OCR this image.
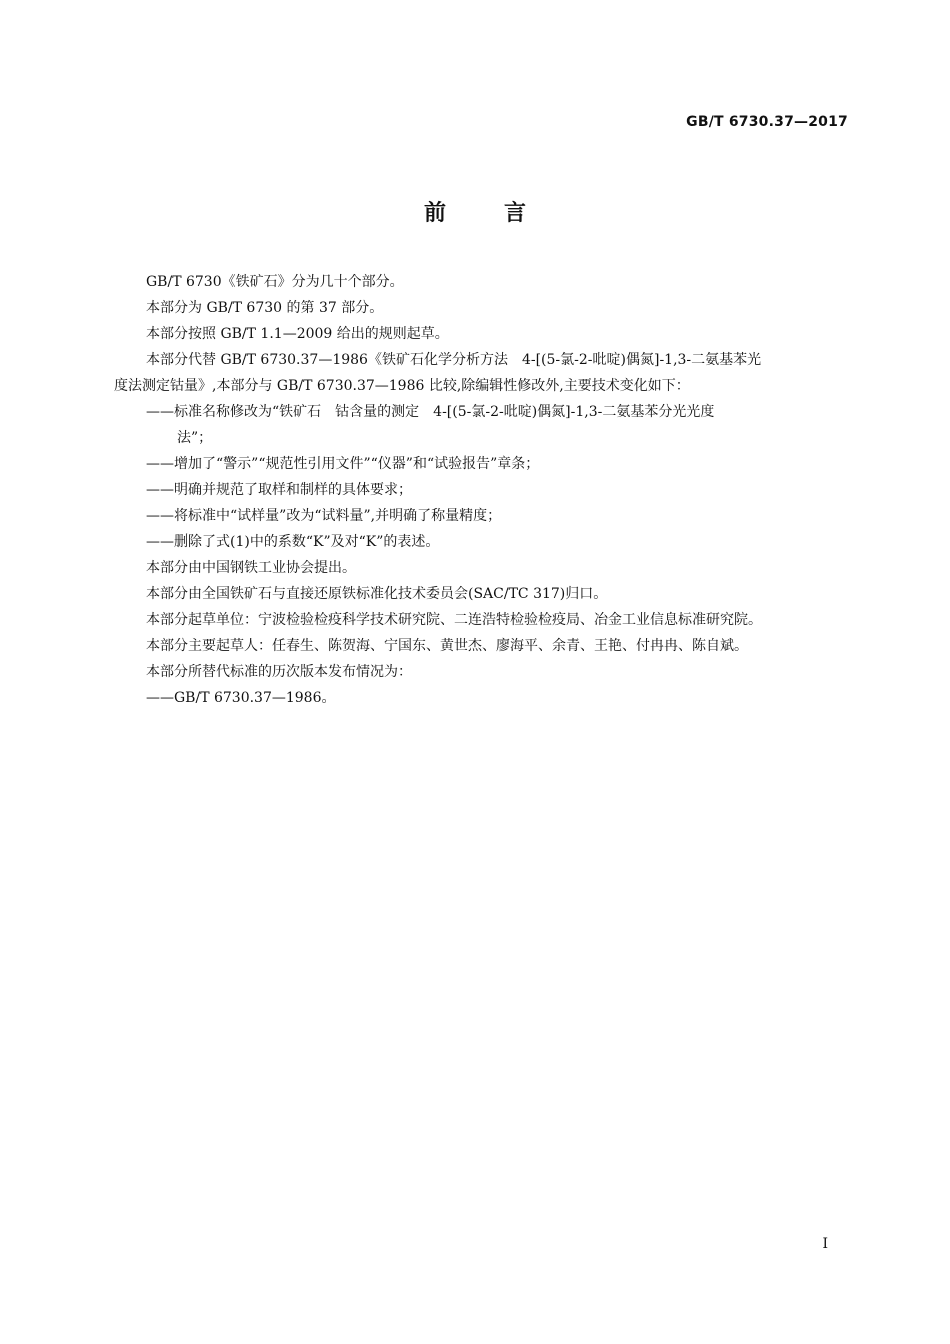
GB/T 6730.37—2017
前言

GB/T 6730《铁矿石》分为几十个部分。

本部分为 GB/T 6730 的第 37 部分。

本部分按照 GB/T 1.1—2009 给出的规则起草。

本部分代替 GB/T 6730.37—1986《铁矿石化学分析方法　4-[(5-氯-2-吡啶)偶氮]-1,3-二氨基苯光
度法测定钴量》,本部分与 GB/T 6730.37—1986 比较,除编辑性修改外,主要技术变化如下：

——标准名称修改为“铁矿石　钴含量的测定　4-[(5-氯-2-吡啶)偶氮]-1,3-二氨基苯分光光度
法”；

——增加了“警示”“规范性引用文件”“仪器”和“试验报告”章条；

——明确并规范了取样和制样的具体要求；

——将标准中“试样量”改为“试料量”,并明确了称量精度；

——删除了式(1)中的系数“K”及对“K”的表述。

本部分由中国钢铁工业协会提出。

本部分由全国铁矿石与直接还原铁标准化技术委员会(SAC/TC 317)归口。

本部分起草单位：宁波检验检疫科学技术研究院、二连浩特检验检疫局、冶金工业信息标准研究院。

本部分主要起草人：任春生、陈贺海、宁国东、黄世杰、廖海平、余青、王艳、付冉冉、陈自斌。

本部分所替代标准的历次版本发布情况为：

——GB/T 6730.37—1986。

I
